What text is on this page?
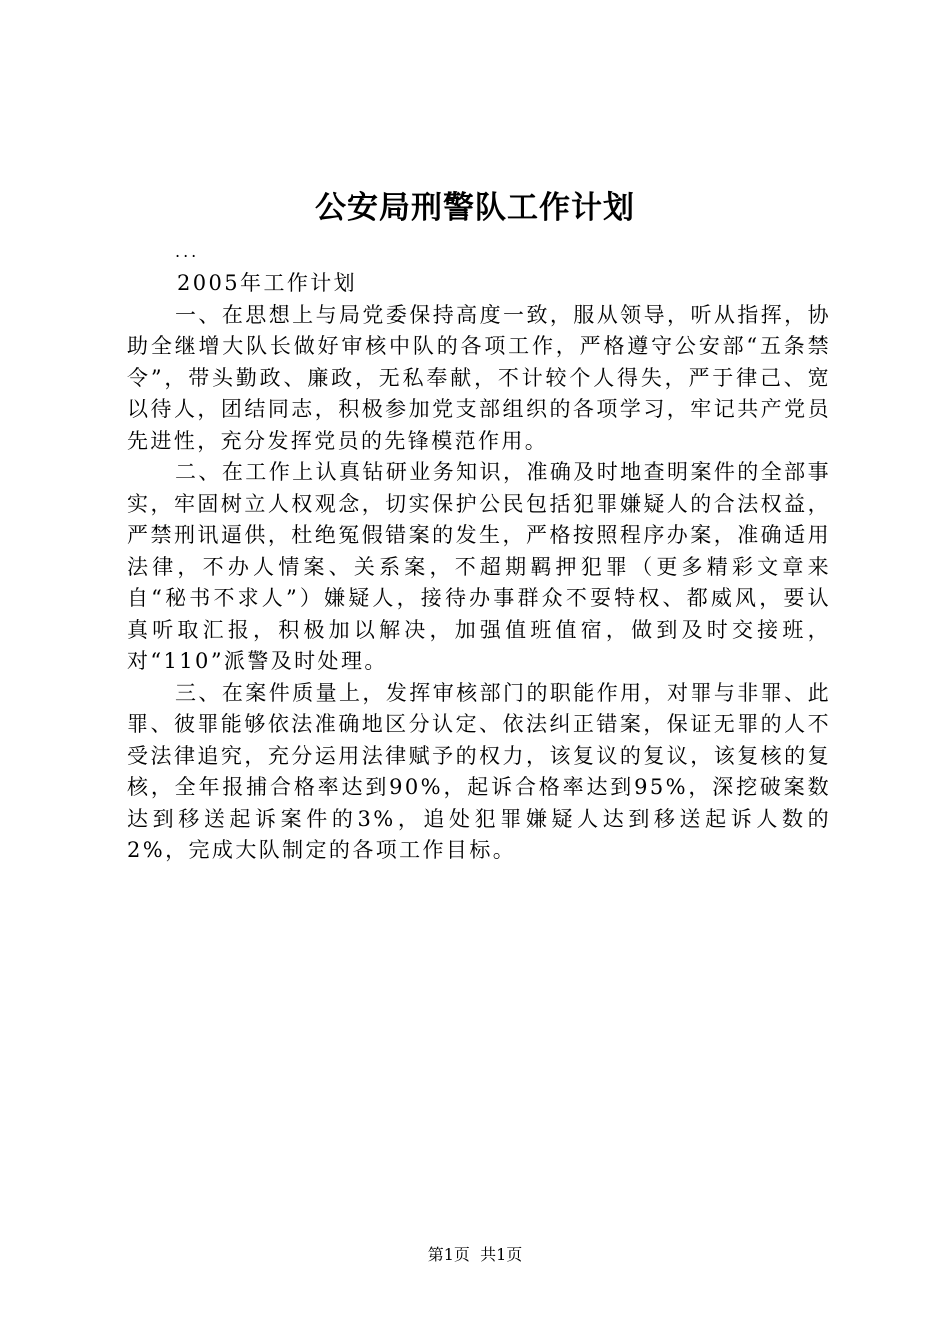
公安局刑警队工作计划
...

2005年工作计划

一、在思想上与局党委保持高度一致，服从领导，听从指挥，协助全继增大队长做好审核中队的各项工作，严格遵守公安部“五条禁令”，带头勤政、廉政，无私奉献，不计较个人得失，严于律己、宽以待人，团结同志，积极参加党支部组织的各项学习，牢记共产党员先进性，充分发挥党员的先锋模范作用。

二、在工作上认真钻研业务知识，准确及时地查明案件的全部事实，牢固树立人权观念，切实保护公民包括犯罪嫌疑人的合法权益，严禁刑讯逼供，杜绝冤假错案的发生，严格按照程序办案，准确适用法律，不办人情案、关系案，不超期羁押犯罪（更多精彩文章来自“秘书不求人”）嫌疑人，接待办事群众不耍特权、都威风，要认真听取汇报，积极加以解决，加强值班值宿，做到及时交接班，对“110”派警及时处理。

三、在案件质量上，发挥审核部门的职能作用，对罪与非罪、此罪、彼罪能够依法准确地区分认定、依法纠正错案，保证无罪的人不受法律追究，充分运用法律赋予的权力，该复议的复议，该复核的复核，全年报捕合格率达到90%，起诉合格率达到95%，深挖破案数达到移送起诉案件的3%，追处犯罪嫌疑人达到移送起诉人数的2%，完成大队制定的各项工作目标。

第1页  共1页
